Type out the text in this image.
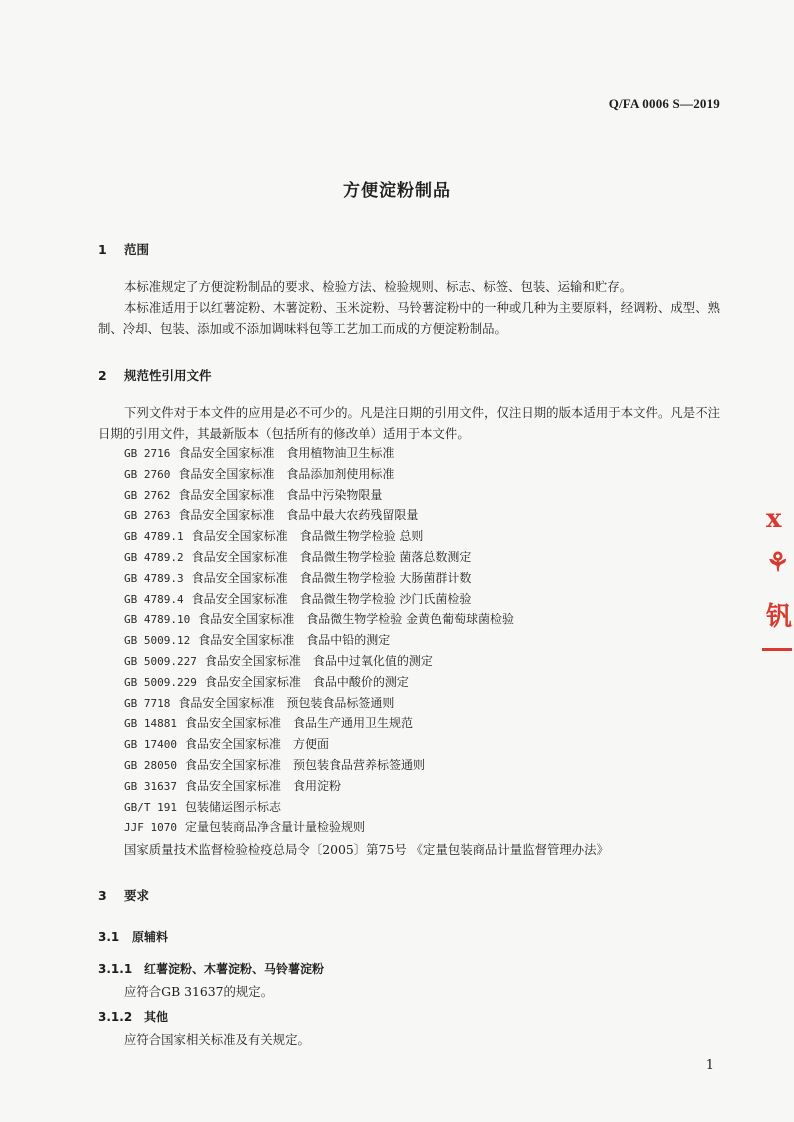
Q/FA 0006 S—2019
方便淀粉制品
1 范围
本标准规定了方便淀粉制品的要求、检验方法、检验规则、标志、标签、包装、运输和贮存。
本标准适用于以红薯淀粉、木薯淀粉、玉米淀粉、马铃薯淀粉中的一种或几种为主要原料，经调粉、成型、熟制、冷却、包装、添加或不添加调味料包等工艺加工而成的方便淀粉制品。
2 规范性引用文件
下列文件对于本文件的应用是必不可少的。凡是注日期的引用文件，仅注日期的版本适用于本文件。凡是不注日期的引用文件，其最新版本（包括所有的修改单）适用于本文件。
GB 2716 食品安全国家标准　食用植物油卫生标准
GB 2760 食品安全国家标准　食品添加剂使用标准
GB 2762 食品安全国家标准　食品中污染物限量
GB 2763 食品安全国家标准　食品中最大农药残留限量
GB 4789.1 食品安全国家标准　食品微生物学检验 总则
GB 4789.2 食品安全国家标准　食品微生物学检验 菌落总数测定
GB 4789.3 食品安全国家标准　食品微生物学检验 大肠菌群计数
GB 4789.4 食品安全国家标准　食品微生物学检验 沙门氏菌检验
GB 4789.10 食品安全国家标准　食品微生物学检验 金黄色葡萄球菌检验
GB 5009.12 食品安全国家标准　食品中铅的测定
GB 5009.227 食品安全国家标准　食品中过氧化值的测定
GB 5009.229 食品安全国家标准　食品中酸价的测定
GB 7718 食品安全国家标准　预包装食品标签通则
GB 14881 食品安全国家标准　食品生产通用卫生规范
GB 17400 食品安全国家标准　方便面
GB 28050 食品安全国家标准　预包装食品营养标签通则
GB 31637 食品安全国家标准　食用淀粉
GB/T 191 包装储运图示标志
JJF 1070 定量包装商品净含量计量检验规则
国家质量技术监督检验检疫总局令〔2005〕第75号 《定量包装商品计量监督管理办法》
3 要求
3.1 原辅料
3.1.1 红薯淀粉、木薯淀粉、马铃薯淀粉
应符合GB 31637的规定。
3.1.2 其他
应符合国家相关标准及有关规定。
1
ⅹ
⚘
钒
